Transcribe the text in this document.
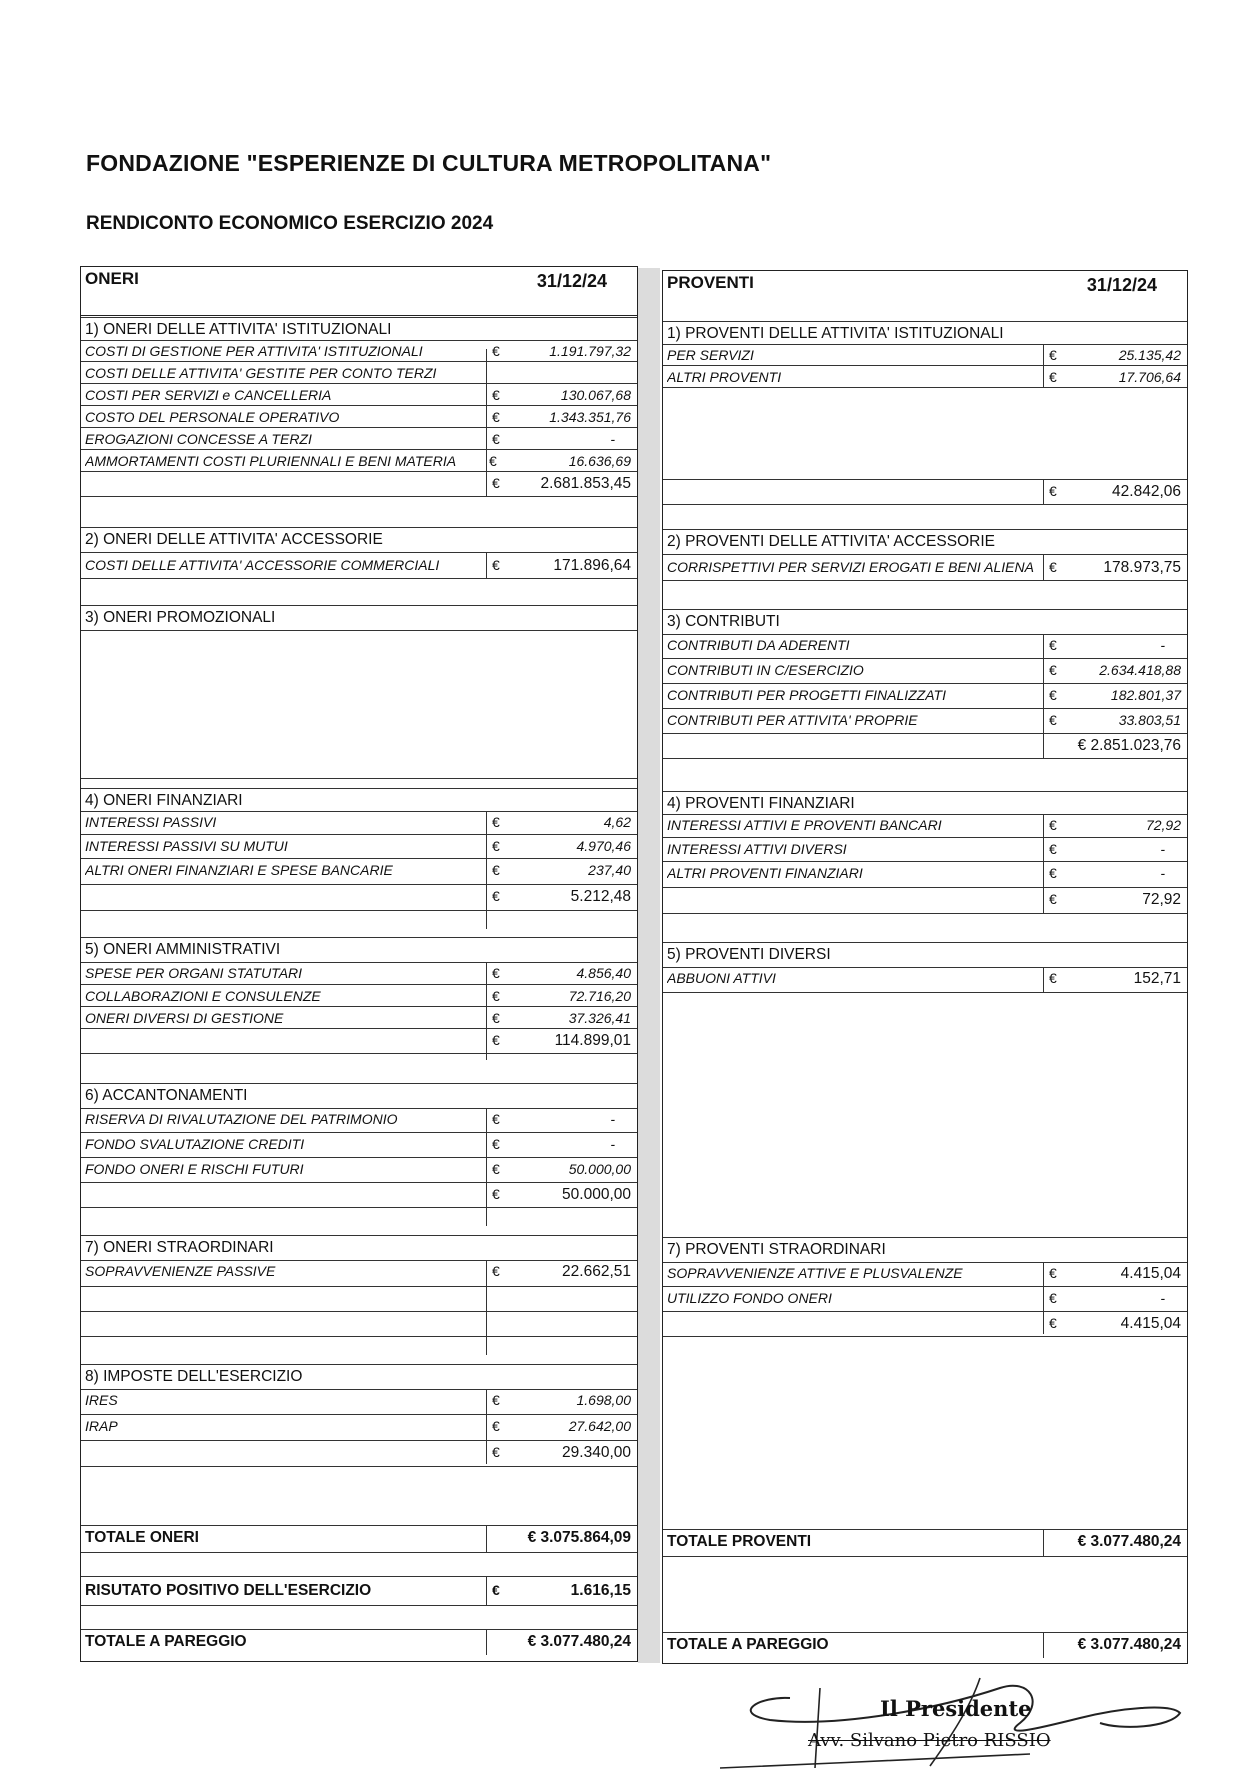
FONDAZIONE "ESPERIENZE DI CULTURA METROPOLITANA"
RENDICONTO ECONOMICO ESERCIZIO 2024
ONERI	31/12/24
1) ONERI DELLE ATTIVITA' ISTITUZIONALI
COSTI DI GESTIONE PER ATTIVITA' ISTITUZIONALI	€	1.191.797,32
COSTI DELLE ATTIVITA' GESTITE PER CONTO TERZI
COSTI PER SERVIZI e CANCELLERIA	€	130.067,68
COSTO DEL PERSONALE OPERATIVO	€	1.343.351,76
EROGAZIONI CONCESSE A TERZI	€	-
AMMORTAMENTI COSTI PLURIENNALI E BENI MATERIA	€	16.636,69
€	2.681.853,45
2) ONERI DELLE ATTIVITA' ACCESSORIE
COSTI DELLE ATTIVITA' ACCESSORIE COMMERCIALI	€	171.896,64
3) ONERI PROMOZIONALI
4) ONERI FINANZIARI
INTERESSI PASSIVI	€	4,62
INTERESSI PASSIVI SU MUTUI	€	4.970,46
ALTRI ONERI FINANZIARI E SPESE BANCARIE	€	237,40
€	5.212,48
5) ONERI AMMINISTRATIVI
SPESE PER ORGANI STATUTARI	€	4.856,40
COLLABORAZIONI E CONSULENZE	€	72.716,20
ONERI DIVERSI DI GESTIONE	€	37.326,41
€	114.899,01
6) ACCANTONAMENTI
RISERVA DI RIVALUTAZIONE DEL PATRIMONIO	€	-
FONDO SVALUTAZIONE CREDITI	€	-
FONDO ONERI E RISCHI FUTURI	€	50.000,00
€	50.000,00
7) ONERI STRAORDINARI
SOPRAVVENIENZE PASSIVE	€	22.662,51
8) IMPOSTE DELL'ESERCIZIO
IRES	€	1.698,00
IRAP	€	27.642,00
€	29.340,00
TOTALE ONERI	€ 3.075.864,09
RISUTATO POSITIVO DELL'ESERCIZIO	€	1.616,15
TOTALE A PAREGGIO	€ 3.077.480,24
PROVENTI	31/12/24
1) PROVENTI DELLE ATTIVITA' ISTITUZIONALI
PER SERVIZI	€	25.135,42
ALTRI PROVENTI	€	17.706,64
€	42.842,06
2) PROVENTI DELLE ATTIVITA' ACCESSORIE
CORRISPETTIVI PER SERVIZI EROGATI E BENI ALIENA	€	178.973,75
3) CONTRIBUTI
CONTRIBUTI DA ADERENTI	€	-
CONTRIBUTI IN C/ESERCIZIO	€	2.634.418,88
CONTRIBUTI PER PROGETTI FINALIZZATI	€	182.801,37
CONTRIBUTI PER ATTIVITA' PROPRIE	€	33.803,51
€ 2.851.023,76
4) PROVENTI FINANZIARI
INTERESSI ATTIVI E PROVENTI BANCARI	€	72,92
INTERESSI ATTIVI DIVERSI	€	-
ALTRI PROVENTI FINANZIARI	€	-
€	72,92
5) PROVENTI DIVERSI
ABBUONI ATTIVI	€	152,71
7) PROVENTI STRAORDINARI
SOPRAVVENIENZE ATTIVE E PLUSVALENZE	€	4.415,04
UTILIZZO FONDO ONERI	€	-
€	4.415,04
TOTALE PROVENTI	€ 3.077.480,24
TOTALE A PAREGGIO	€ 3.077.480,24
Il Presidente
Avv. Silvano Pietro RISSIO
